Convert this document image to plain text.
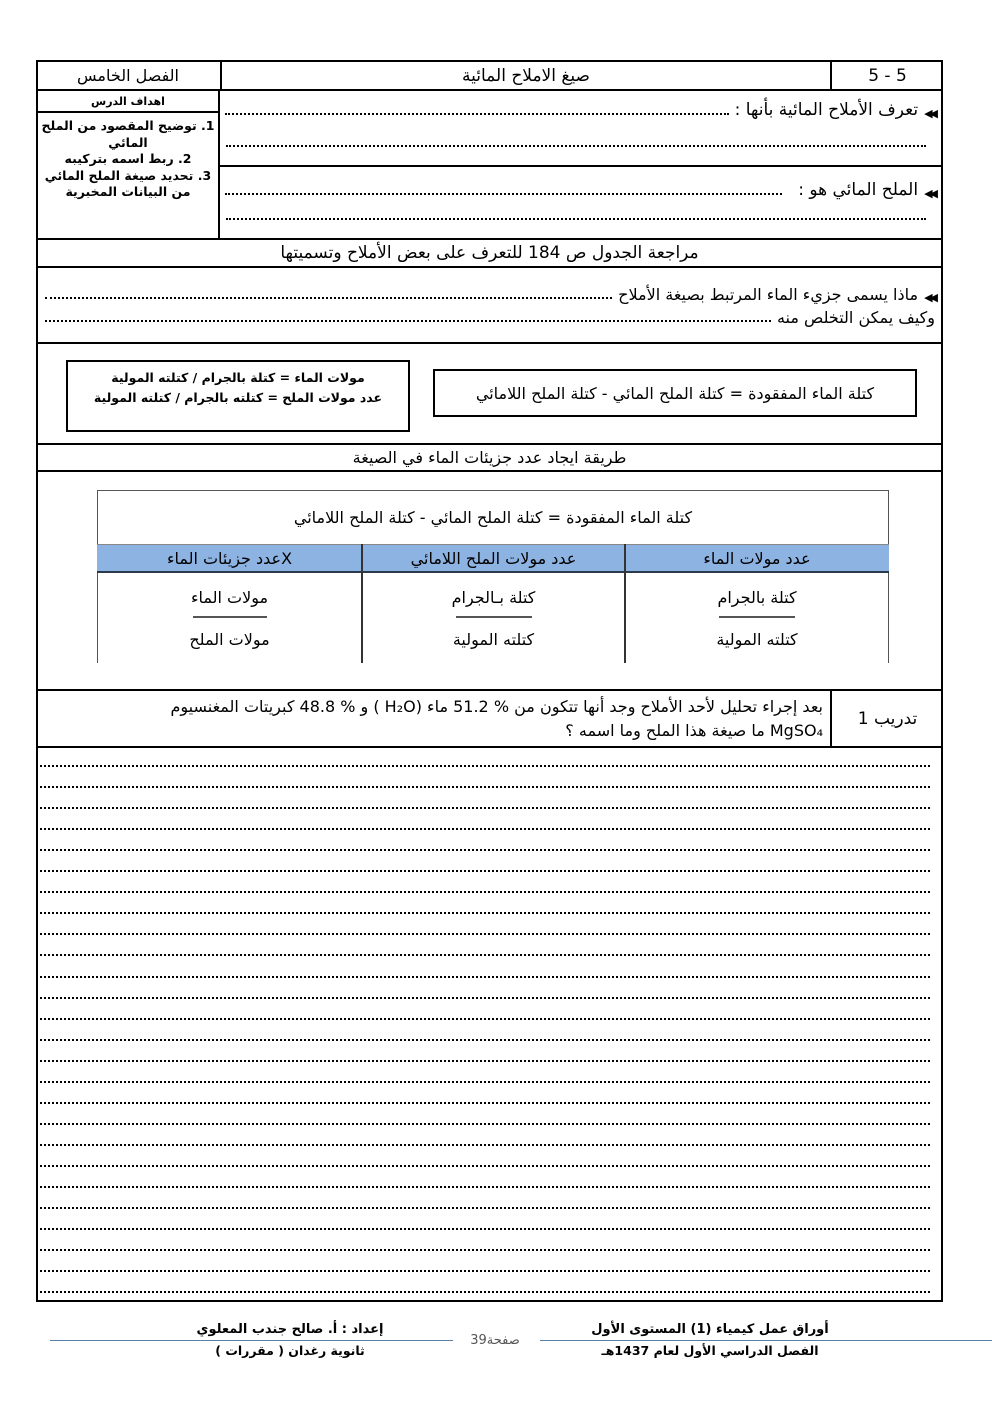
5 - 5
صيغ الاملاح المائية
الفصل الخامس
اهداف الدرس
1. توضيح المقصود من الملح المائي
2. ربط اسمه بتركيبه
3. تحديد صيغة الملح المائي من البيانات المخبرية
◀◀
تعرف الأملاح المائية بأنها :
◀◀
الملح المائي هو :
مراجعة الجدول ص 184 للتعرف على بعض الأملاح وتسميتها
◀◀
ماذا يسمى جزيء الماء المرتبط بصيغة الأملاح
وكيف يمكن التخلص منه
مولات الماء = كتلة بالجرام / كتلته المولية
عدد مولات الملح = كتلته بالجرام / كتلته المولية	كتلة الماء المفقودة = كتلة الملح المائي - كتلة الملح اللامائي
طريقة ايجاد عدد جزيئات الماء في الصيغة
كتلة الماء المفقودة = كتلة الملح المائي - كتلة الملح اللامائي
عدد مولات الماء
عدد مولات الملح اللامائي
Xعدد جزيئات الماء
كتلة بالجرام
كتلته المولية
كتلة بـالجرام
كتلته المولية
مولات الماء
مولات الملح
تدريب 1
بعد إجراء تحليل لأحد الأملاح وجد أنها تتكون من % 51.2 ماء (H₂O ) و % 48.8 كبريتات المغنسيوم
MgSO₄ ما صيغة هذا الملح وما اسمه ؟
أوراق عمل كيمياء (1) المستوى الأول
الفصل الدراسي الأول لعام 1437هـ
39صفحة
إعداد : أ. صالح جندب المعلوي
ثانوية رغدان ( مقررات )
